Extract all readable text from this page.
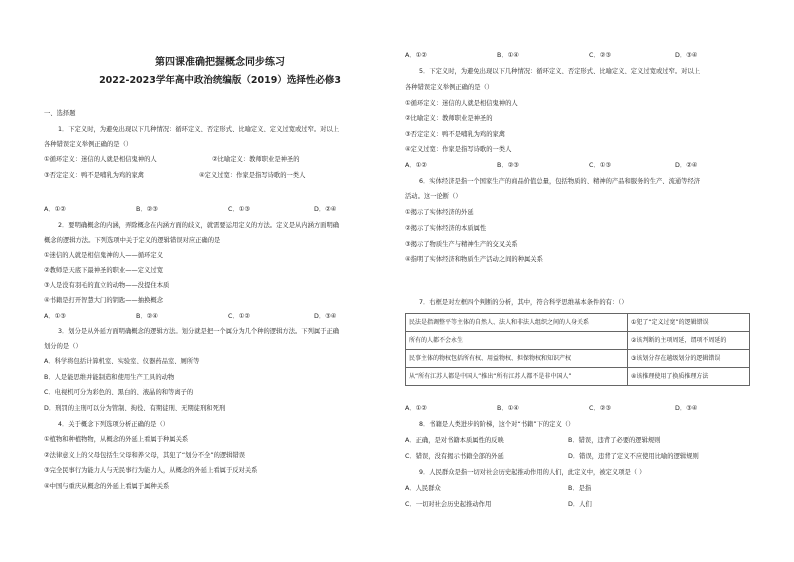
第四课准确把握概念同步练习
2022-2023学年高中政治统编版（2019）选择性必修3
一、选择题
1．下定义时，为避免出现以下几种情况：循环定义、否定形式、比喻定义、定义过宽或过窄。对以上
各种错误定义举例正确的是（）
①循环定义：迷信的人就是相信鬼神的人	②比喻定义：教师职业是神圣的
③否定定义：鸭不是哺乳为鸡的家禽	④定义过宽：作家是指写诗歌的一类人
A．①②	B．②③	C．①③	D．②④
2．要明确概念的内涵，弄除概念在内涵方面的歧义，就需要运用定义的方法。定义是从内涵方面明确
概念的逻辑方法。下列选项中关于定义的逻辑错误对应正确的是
①迷信的人就是相信鬼神的人——循环定义
②教师是天底下最神圣的职业——定义过宽
③人是没有羽毛的直立的动物——没提住本质
④书籍是打开智慧大门的钥匙——抽换概念
A．①③	B．②④	C．①②	D．③④
3．划分是从外延方面明确概念的逻辑方法。划分就是把一个属分为几个种的逻辑方法。下列属于正确
划分的是（）
A．科学将包括计算机室、实验室、仪器药品室、厕所等
B．人是能思维并能制造和使用生产工具的动物
C．电视机可分为彩色的、黑白的、液晶的和等离子的
D．刑罚的主刑可以分为管制、拘役、有期徒刑、无期徒刑和死刑
4．关于概念下列选项分析正确的是（）
①植物和种植物物，从概念的外延上看属于种属关系
②法律意义上的父母包括生父母和养父母，其犯了“划分不全”的逻辑错误
③完全民事行为能力人与无民事行为能力人，从概念的外延上看属于反对关系
④中国与重庆从概念的外延上看属于属种关系
A．①②	B．①④	C．②③	D．③④
5．下定义时，为避免出现以下几种情况：循环定义、否定形式、比喻定义、定义过宽或过窄。对以上
各种错误定义举例正确的是（）
①循环定义：迷信的人就是相信鬼神的人
②比喻定义：教师职业是神圣的
③否定定义：鸭不是哺乳为鸡的家禽
④定义过宽：作家是指写诗歌的一类人
A．①②	B．②③	C．①③	D．②④
6．实体经济是指一个国家生产的商品价值总量，包括物质的、精神的产品和服务的生产、流通等经济
活动。这一论断（）
①揭示了实体经济的外延
②揭示了实体经济的本质属性
③揭示了物质生产与精神生产的交叉关系
④指明了实体经济和物质生产活动之间的种属关系
7．右框是对左框四个判断的分析，其中，符合科学思维基本条件的有：（）
民法是指调整平等主体的自然人、法人和非法人组织之间的人身关系	①犯了“定义过宽”的逻辑错误
所有的人都不会永生	②该判断的主项周延，谓项不周延的
民事主体的物权包括所有权、用益物权、担保物权和知识产权	③该划分存在越级划分的逻辑错误
从“所有江苏人都是中国人”推出“所有江苏人都不是非中国人”	④该推理使用了换质推理方法
A．①②	B．①④	C．②③	D．③④
8．书籍是人类进步的阶梯，这个对“书籍”下的定义（）
A．正确，是对书籍本质属性的反映	B．错误，违背了必要的逻辑规则
C．错误，没有揭示书籍全部的外延	D．错误，违背了定义不应使用比喻的逻辑规则
9．人民群众是指一切对社会历史起推动作用的人们，此定义中，被定义项是（ ）
A．人民群众	B．是指
C．一切对社会历史起推动作用	D．人们
